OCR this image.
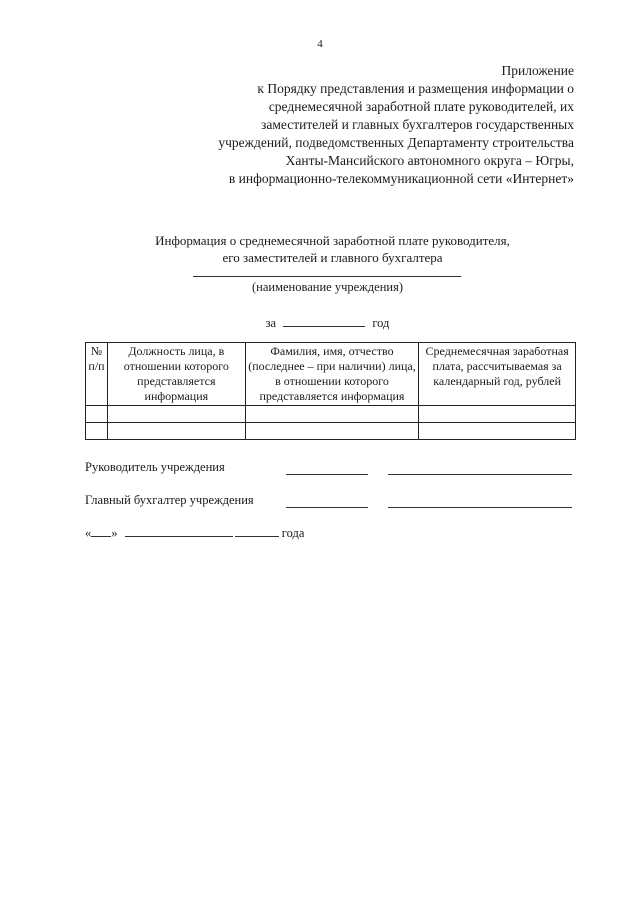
4
Приложение
к Порядку представления и размещения информации о
среднемесячной заработной плате руководителей, их
заместителей и главных бухгалтеров государственных
учреждений, подведомственных Департаменту строительства
Ханты-Мансийского автономного округа – Югры,
в информационно-телекоммуникационной сети «Интернет»
Информация о среднемесячной заработной плате руководителя,
его заместителей и главного бухгалтера
(наименование учреждения)
за	год
№ п/п	Должность лица, в отношении которого представляется информация	Фамилия, имя, отчество (последнее – при наличии) лица, в отношении которого представляется информация	Среднемесячная заработная плата, рассчитываемая за календарный год, рублей

Руководитель учреждения
Главный бухгалтер учреждения
« »	года
